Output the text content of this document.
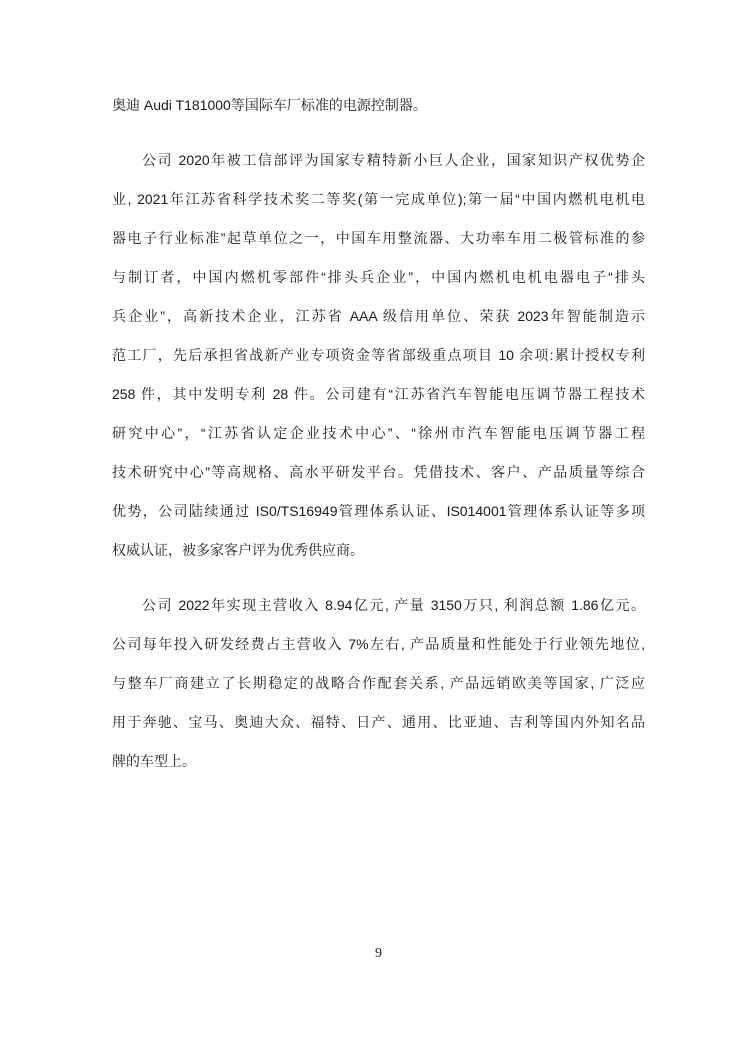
奥迪 Audi T181000等国际车厂标准的电源控制器。
公司 2020年被工信部评为国家专精特新小巨人企业，国家知识产权优势企
业, 2021年江苏省科学技术奖二等奖(第一完成单位);第一届“中国内燃机电机电
器电子行业标准”起草单位之一，中国车用整流器、大功率车用二极管标准的参
与制订者，中国内燃机零部件“排头兵企业”，中国内燃机电机电器电子“排头
兵企业”，高新技术企业，江苏省 AAA 级信用单位、荣获 2023年智能制造示
范工厂，先后承担省战新产业专项资金等省部级重点项目 10 余项:累计授权专利
258 件，其中发明专利 28 件。公司建有“江苏省汽车智能电压调节器工程技术
研究中心”，“江苏省认定企业技术中心”、“徐州市汽车智能电压调节器工程
技术研究中心”等高规格、高水平研发平台。凭借技术、客户、产品质量等综合
优势，公司陆续通过 IS0/TS16949管理体系认证、IS014001管理体系认证等多项
权威认证，被多家客户评为优秀供应商。
公司 2022年实现主营收入 8.94亿元, 产量 3150万只, 利润总额 1.86亿元。
公司每年投入研发经费占主营收入 7%左右, 产品质量和性能处于行业领先地位,
与整车厂商建立了长期稳定的战略合作配套关系, 产品远销欧美等国家, 广泛应
用于奔驰、宝马、奥迪大众、福特、日产、通用、比亚迪、吉利等国内外知名品
牌的车型上。
9
